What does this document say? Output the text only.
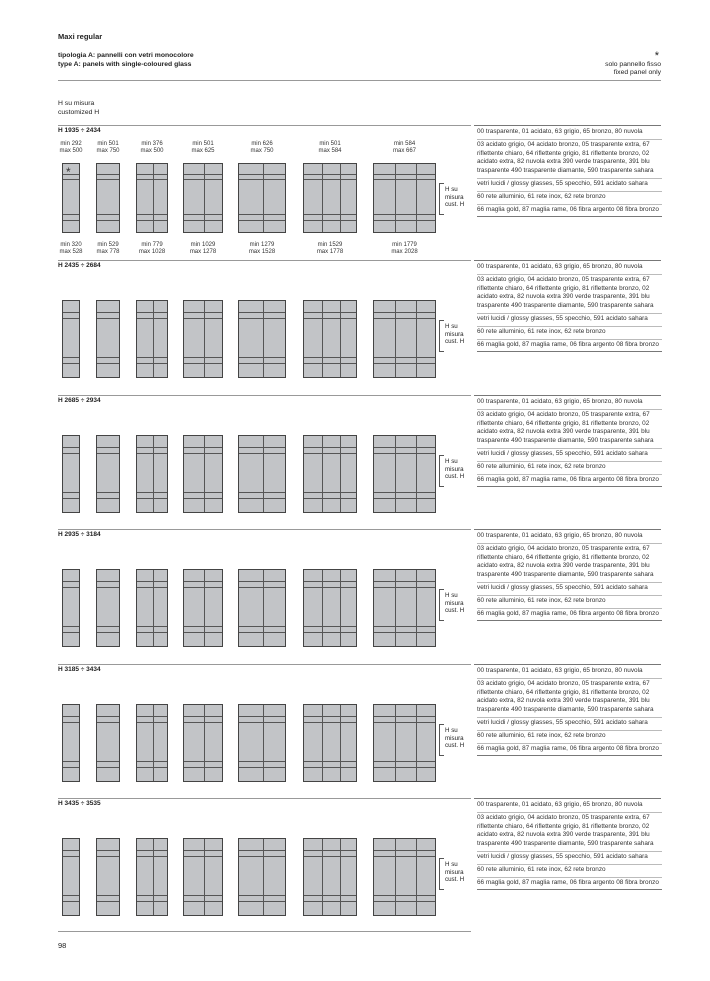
Maxi regular
tipologia A: pannelli con vetri monocolore
type A: panels with single-coloured glass
*
solo pannello fisso
fixed panel only
H su misura
customized H
98
H 1935 ÷ 2434	00 trasparente, 01 acidato, 63 grigio, 65 bronzo, 80 nuvola
03 acidato grigio, 04 acidato bronzo, 05 trasparente extra, 67 riflettente chiaro, 64 riflettente grigio, 81 riflettente bronzo, 02 acidato extra, 82 nuvola extra 390 verde trasparente, 391 blu trasparente 490 trasparente diamante, 590 trasparente sahara
vetri lucidi / glossy glasses, 55 specchio, 591 acidato sahara
60 rete alluminio, 61 rete inox, 62 rete bronzo
66 maglia gold, 87 maglia rame, 06 fibra argento 08 fibra bronzo
*
H su
misura
cust. H
min 292
max 500
min 320
max 528
min 501
max 750
min 529
max 778
min 376
max 500
min 779
max 1028
min 501
max 625
min 1029
max 1278
min 626
max 750
min 1279
max 1528
min 501
max 584
min 1529
max 1778
min 584
max 667
min 1779
max 2028
H 2435 ÷ 2684	00 trasparente, 01 acidato, 63 grigio, 65 bronzo, 80 nuvola
03 acidato grigio, 04 acidato bronzo, 05 trasparente extra, 67 riflettente chiaro, 64 riflettente grigio, 81 riflettente bronzo, 02 acidato extra, 82 nuvola extra 390 verde trasparente, 391 blu trasparente 490 trasparente diamante, 590 trasparente sahara
vetri lucidi / glossy glasses, 55 specchio, 591 acidato sahara
60 rete alluminio, 61 rete inox, 62 rete bronzo
66 maglia gold, 87 maglia rame, 06 fibra argento 08 fibra bronzo
H su
misura
cust. H
H 2685 ÷ 2934	00 trasparente, 01 acidato, 63 grigio, 65 bronzo, 80 nuvola
03 acidato grigio, 04 acidato bronzo, 05 trasparente extra, 67 riflettente chiaro, 64 riflettente grigio, 81 riflettente bronzo, 02 acidato extra, 82 nuvola extra 390 verde trasparente, 391 blu trasparente 490 trasparente diamante, 590 trasparente sahara
vetri lucidi / glossy glasses, 55 specchio, 591 acidato sahara
60 rete alluminio, 61 rete inox, 62 rete bronzo
66 maglia gold, 87 maglia rame, 06 fibra argento 08 fibra bronzo
H su
misura
cust. H
H 2935 ÷ 3184	00 trasparente, 01 acidato, 63 grigio, 65 bronzo, 80 nuvola
03 acidato grigio, 04 acidato bronzo, 05 trasparente extra, 67 riflettente chiaro, 64 riflettente grigio, 81 riflettente bronzo, 02 acidato extra, 82 nuvola extra 390 verde trasparente, 391 blu trasparente 490 trasparente diamante, 590 trasparente sahara
vetri lucidi / glossy glasses, 55 specchio, 591 acidato sahara
60 rete alluminio, 61 rete inox, 62 rete bronzo
66 maglia gold, 87 maglia rame, 06 fibra argento 08 fibra bronzo
H su
misura
cust. H
H 3185 ÷ 3434	00 trasparente, 01 acidato, 63 grigio, 65 bronzo, 80 nuvola
03 acidato grigio, 04 acidato bronzo, 05 trasparente extra, 67 riflettente chiaro, 64 riflettente grigio, 81 riflettente bronzo, 02 acidato extra, 82 nuvola extra 390 verde trasparente, 391 blu trasparente 490 trasparente diamante, 590 trasparente sahara
vetri lucidi / glossy glasses, 55 specchio, 591 acidato sahara
60 rete alluminio, 61 rete inox, 62 rete bronzo
66 maglia gold, 87 maglia rame, 06 fibra argento 08 fibra bronzo
H su
misura
cust. H
H 3435 ÷ 3535	00 trasparente, 01 acidato, 63 grigio, 65 bronzo, 80 nuvola
03 acidato grigio, 04 acidato bronzo, 05 trasparente extra, 67 riflettente chiaro, 64 riflettente grigio, 81 riflettente bronzo, 02 acidato extra, 82 nuvola extra 390 verde trasparente, 391 blu trasparente 490 trasparente diamante, 590 trasparente sahara
vetri lucidi / glossy glasses, 55 specchio, 591 acidato sahara
60 rete alluminio, 61 rete inox, 62 rete bronzo
66 maglia gold, 87 maglia rame, 06 fibra argento 08 fibra bronzo
H su
misura
cust. H
